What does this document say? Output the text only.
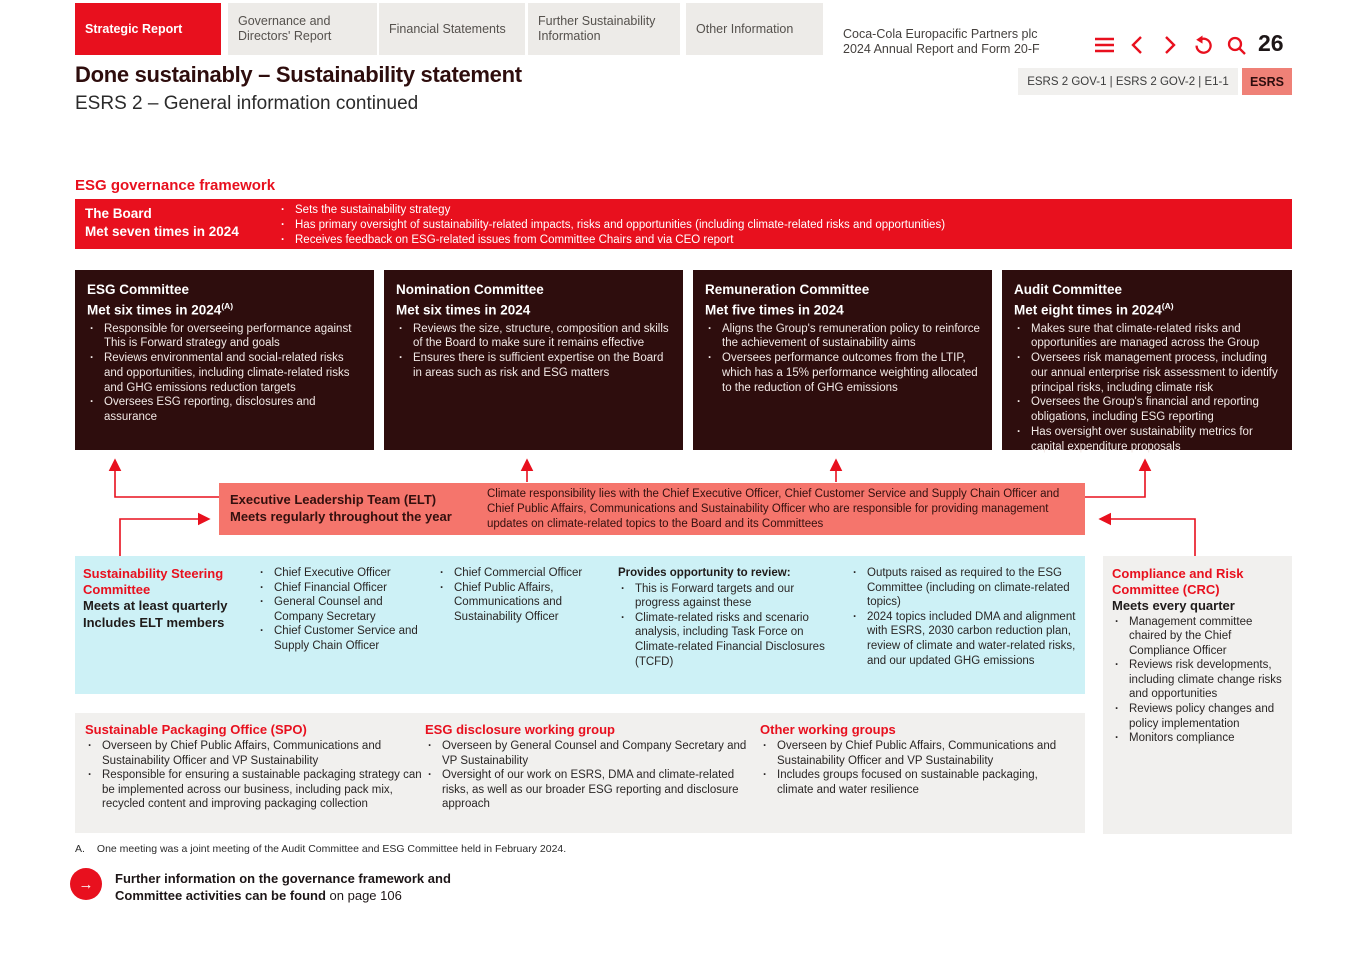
Strategic Report
Governance and Directors' Report
Financial Statements
Further Sustainability Information
Other Information	Coca-Cola Europacific Partners plc
2024 Annual Report and Form 20-F	26
Done sustainably – Sustainability statement
ESRS 2 – General information continued
ESRS 2 GOV-1 | ESRS 2 GOV-2 | E1-1	ESRS
ESG governance framework
The Board
Met seven times in 2024
· Sets the sustainability strategy
· Has primary oversight of sustainability-related impacts, risks and opportunities (including climate-related risks and opportunities)
· Receives feedback on ESG-related issues from Committee Chairs and via CEO report
ESG Committee
Met six times in $2024^{(A)}$
· Responsible for overseeing performance against This is Forward strategy and goals
· Reviews environmental and social-related risks and opportunities, including climate-related risks and GHG emissions reduction targets
· Oversees ESG reporting, disclosures and assurance
Nomination Committee
Met six times in 2024
· Reviews the size, structure, composition and skills of the Board to make sure it remains effective
· Ensures there is sufficient expertise on the Board in areas such as risk and ESG matters
Remuneration Committee
Met five times in 2024
· Aligns the Group's remuneration policy to reinforce the achievement of sustainability aims
· Oversees performance outcomes from the LTIP, which has a 15% performance weighting allocated to the reduction of GHG emissions
Audit Committee
Met eight times in $2024^{(A)}$
· Makes sure that climate-related risks and opportunities are managed across the Group
· Oversees risk management process, including our annual enterprise risk assessment to identify principal risks, including climate risk
· Oversees the Group's financial and reporting obligations, including ESG reporting
· Has oversight over sustainability metrics for capital expenditure proposals
Executive Leadership Team (ELT)
Meets regularly throughout the year
Climate responsibility lies with the Chief Executive Officer, Chief Customer Service and Supply Chain Officer and Chief Public Affairs, Communications and Sustainability Officer who are responsible for providing management updates on climate-related topics to the Board and its Committees
Sustainability Steering Committee
Meets at least quarterly
Includes ELT members
· Chief Executive Officer
· Chief Financial Officer
· General Counsel and Company Secretary
· Chief Customer Service and Supply Chain Officer
· Chief Commercial Officer
· Chief Public Affairs, Communications and Sustainability Officer
Provides opportunity to review:
· This is Forward targets and our progress against these
· Climate-related risks and scenario analysis, including Task Force on Climate-related Financial Disclosures (TCFD)
· Outputs raised as required to the ESG Committee (including on climate-related topics)
· 2024 topics included DMA and alignment with ESRS, 2030 carbon reduction plan, review of climate and water-related risks, and our updated GHG emissions
Compliance and Risk Committee (CRC)
Meets every quarter
· Management committee chaired by the Chief Compliance Officer
· Reviews risk developments, including climate change risks and opportunities
· Reviews policy changes and policy implementation
· Monitors compliance
Sustainable Packaging Office (SPO)
· Overseen by Chief Public Affairs, Communications and Sustainability Officer and VP Sustainability
· Responsible for ensuring a sustainable packaging strategy can be implemented across our business, including pack mix, recycled content and improving packaging collection
ESG disclosure working group
· Overseen by General Counsel and Company Secretary and VP Sustainability
· Oversight of our work on ESRS, DMA and climate-related risks, as well as our broader ESG reporting and disclosure approach
Other working groups
· Overseen by Chief Public Affairs, Communications and Sustainability Officer and VP Sustainability
· Includes groups focused on sustainable packaging, climate and water resilience
A. One meeting was a joint meeting of the Audit Committee and ESG Committee held in February 2024.
→	Further information on the governance framework and
Committee activities can be found on page 106
